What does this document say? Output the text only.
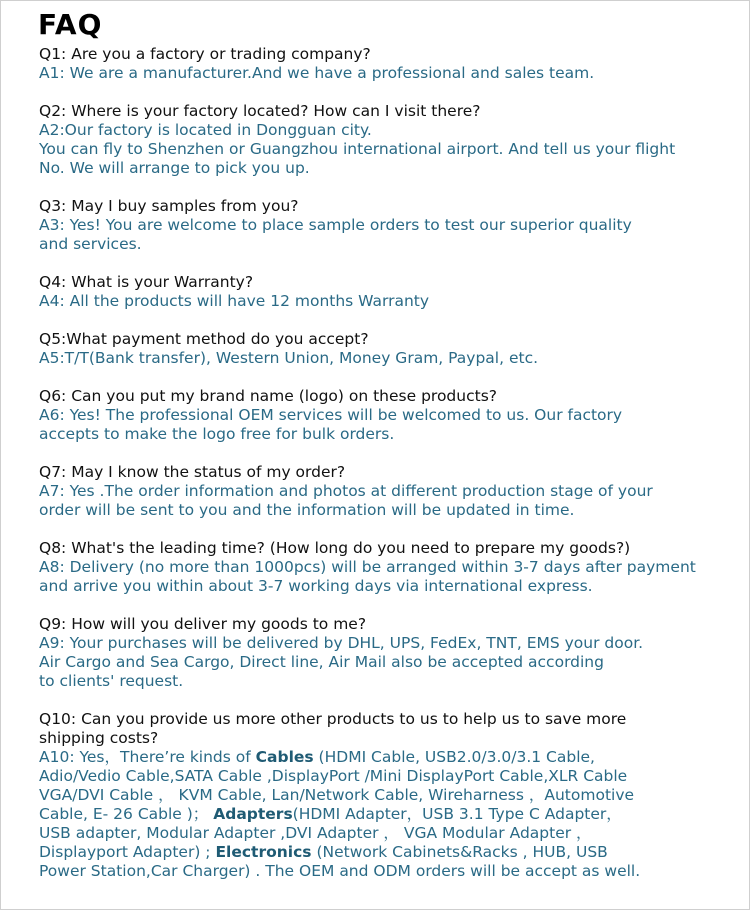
FAQ

Q1: Are you a factory or trading company?

A1: We are a manufacturer.And we have a professional and sales team.

Q2: Where is your factory located? How can I visit there?

A2:Our factory is located in Dongguan city.

You can fly to Shenzhen or Guangzhou international airport. And tell us your flight

No. We will arrange to pick you up.

Q3: May I buy samples from you?

A3: Yes! You are welcome to place sample orders to test our superior quality

and services.

Q4: What is your Warranty?

A4: All the products will have 12 months Warranty

Q5:What payment method do you accept?

A5:T/T(Bank transfer), Western Union, Money Gram, Paypal, etc.

Q6: Can you put my brand name (logo) on these products?

A6: Yes! The professional OEM services will be welcomed to us. Our factory

accepts to make the logo free for bulk orders.

Q7: May I know the status of my order?

A7: Yes .The order information and photos at different production stage of your

order will be sent to you and the information will be updated in time.

Q8: What's the leading time? (How long do you need to prepare my goods?)

A8: Delivery (no more than 1000pcs) will be arranged within 3-7 days after payment

and arrive you within about 3-7 working days via international express.

Q9: How will you deliver my goods to me?

A9: Your purchases will be delivered by DHL, UPS, FedEx, TNT, EMS your door.

Air Cargo and Sea Cargo, Direct line, Air Mail also be accepted according

to clients' request.

Q10: Can you provide us more other products to us to help us to save more

shipping costs?

A10: Yes，There’re kinds of Cables (HDMI Cable, USB2.0/3.0/3.1 Cable,

Adio/Vedio Cable,SATA Cable ,DisplayPort /Mini DisplayPort Cable,XLR Cable

VGA/DVI Cable ， KVM Cable, Lan/Network Cable, Wireharness ，Automotive

Cable, E- 26 Cable )； Adapters(HDMI Adapter，USB 3.1 Type C Adapter，

USB adapter, Modular Adapter ,DVI Adapter ， VGA Modular Adapter ，

Displayport Adapter) ; Electronics (Network Cabinets&Racks , HUB, USB

Power Station,Car Charger) . The OEM and ODM orders will be accept as well.
